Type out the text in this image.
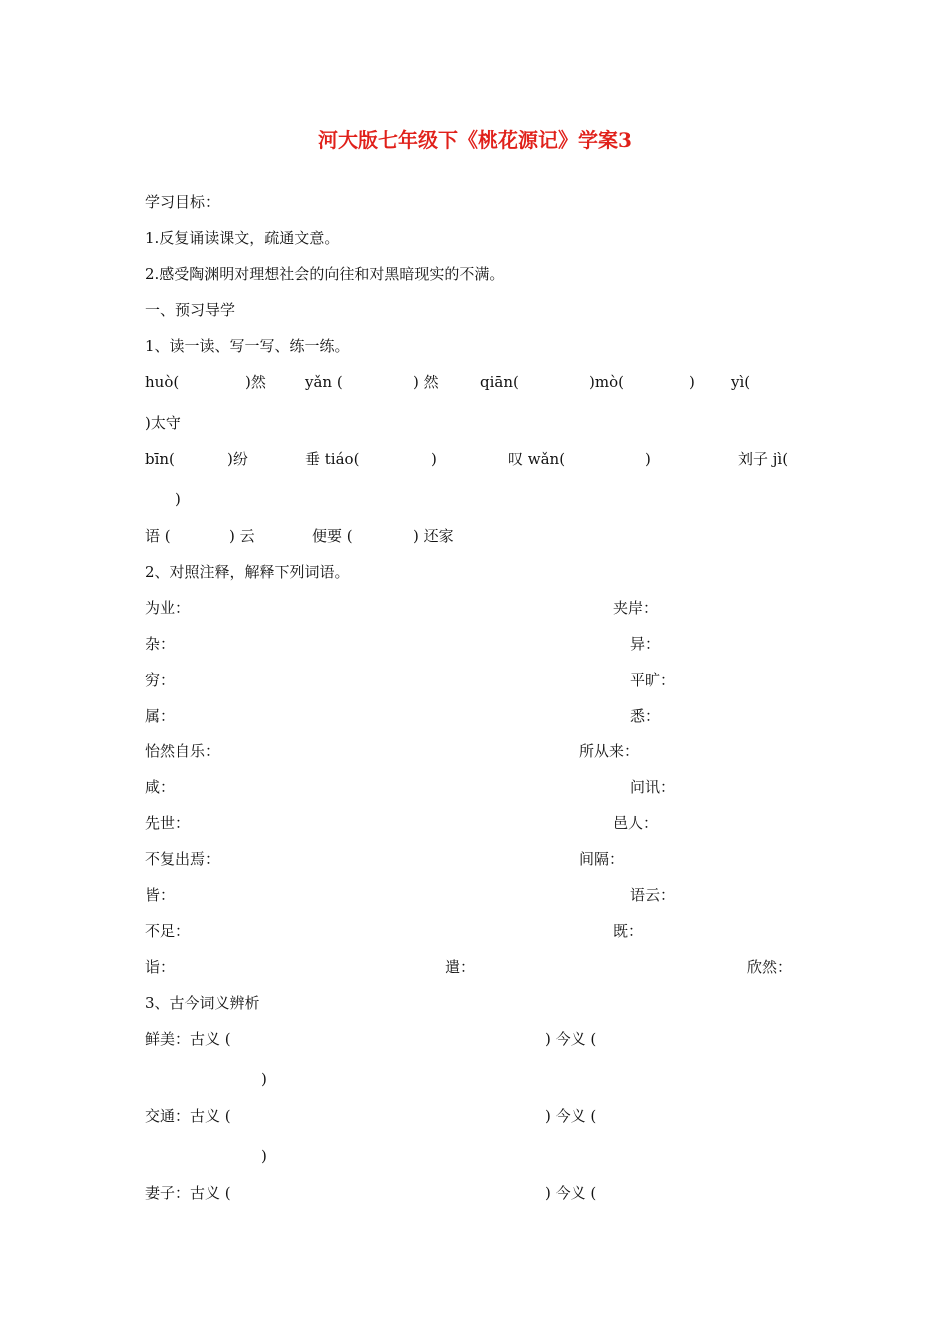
河大版七年级下《桃花源记》学案3
学习目标：
1.反复诵读课文，疏通文意。
2.感受陶渊明对理想社会的向往和对黑暗现实的不满。
一、预习导学
1、读一读、写一写、练一练。
huò(	)然	yǎn (	) 然	qiān(	)mò(	) yì(
)太守
bīn(	)纷	垂 tiáo(	)	叹 wǎn(	)	刘子 jì(
)
语 (	) 云	便要 (	) 还家
2、对照注释，解释下列词语。
为业：	夹岸：
杂：	异：
穷：	平旷：
属：	悉：
怡然自乐：	所从来：
咸：	问讯：
先世：	邑人：
不复出焉：	间隔：
皆：	语云：
不足：	既：
诣：	遣：	欣然：
3、古今词义辨析
鲜美：古义 (	) 今义 (
)
交通：古义 (	) 今义 (
)
妻子：古义 (	) 今义 (
